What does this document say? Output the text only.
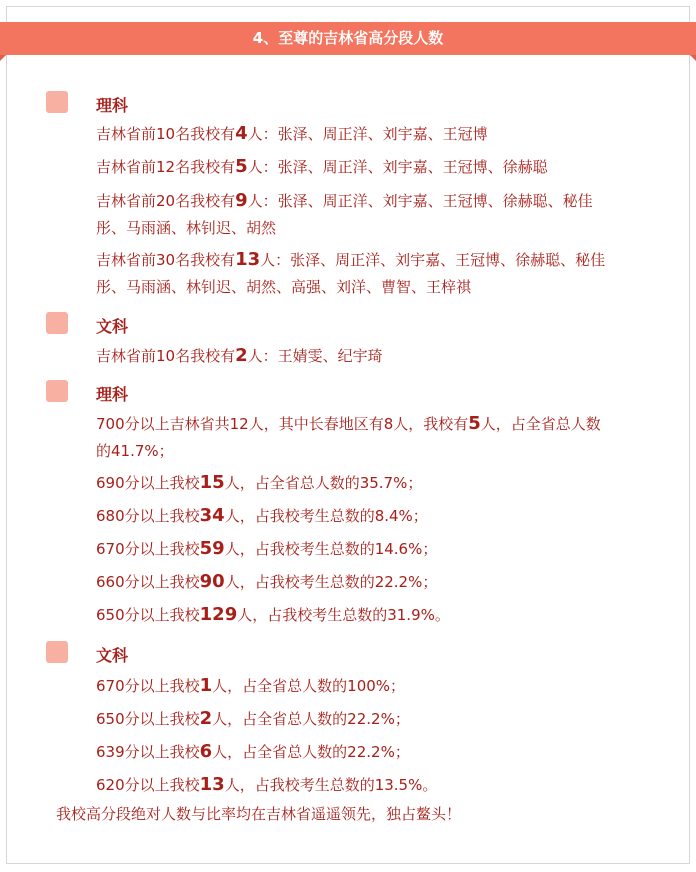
4、至尊的吉林省高分段人数
理科
吉林省前10名我校有4人：张泽、周正洋、刘宇嘉、王冠博
吉林省前12名我校有5人：张泽、周正洋、刘宇嘉、王冠博、徐赫聪
吉林省前20名我校有9人：张泽、周正洋、刘宇嘉、王冠博、徐赫聪、秘佳彤、马雨涵、林钊迟、胡然
吉林省前30名我校有13人：张泽、周正洋、刘宇嘉、王冠博、徐赫聪、秘佳彤、马雨涵、林钊迟、胡然、高强、刘洋、曹智、王梓祺
文科
吉林省前10名我校有2人：王婧雯、纪宇琦
理科
700分以上吉林省共12人，其中长春地区有8人，我校有5人，占全省总人数的41.7%；
690分以上我校15人，占全省总人数的35.7%；
680分以上我校34人，占我校考生总数的8.4%；
670分以上我校59人，占我校考生总数的14.6%；
660分以上我校90人，占我校考生总数的22.2%；
650分以上我校129人，占我校考生总数的31.9%。
文科
670分以上我校1人，占全省总人数的100%；
650分以上我校2人，占全省总人数的22.2%；
639分以上我校6人，占全省总人数的22.2%；
620分以上我校13人，占我校考生总数的13.5%。
我校高分段绝对人数与比率均在吉林省遥遥领先，独占鳌头！
